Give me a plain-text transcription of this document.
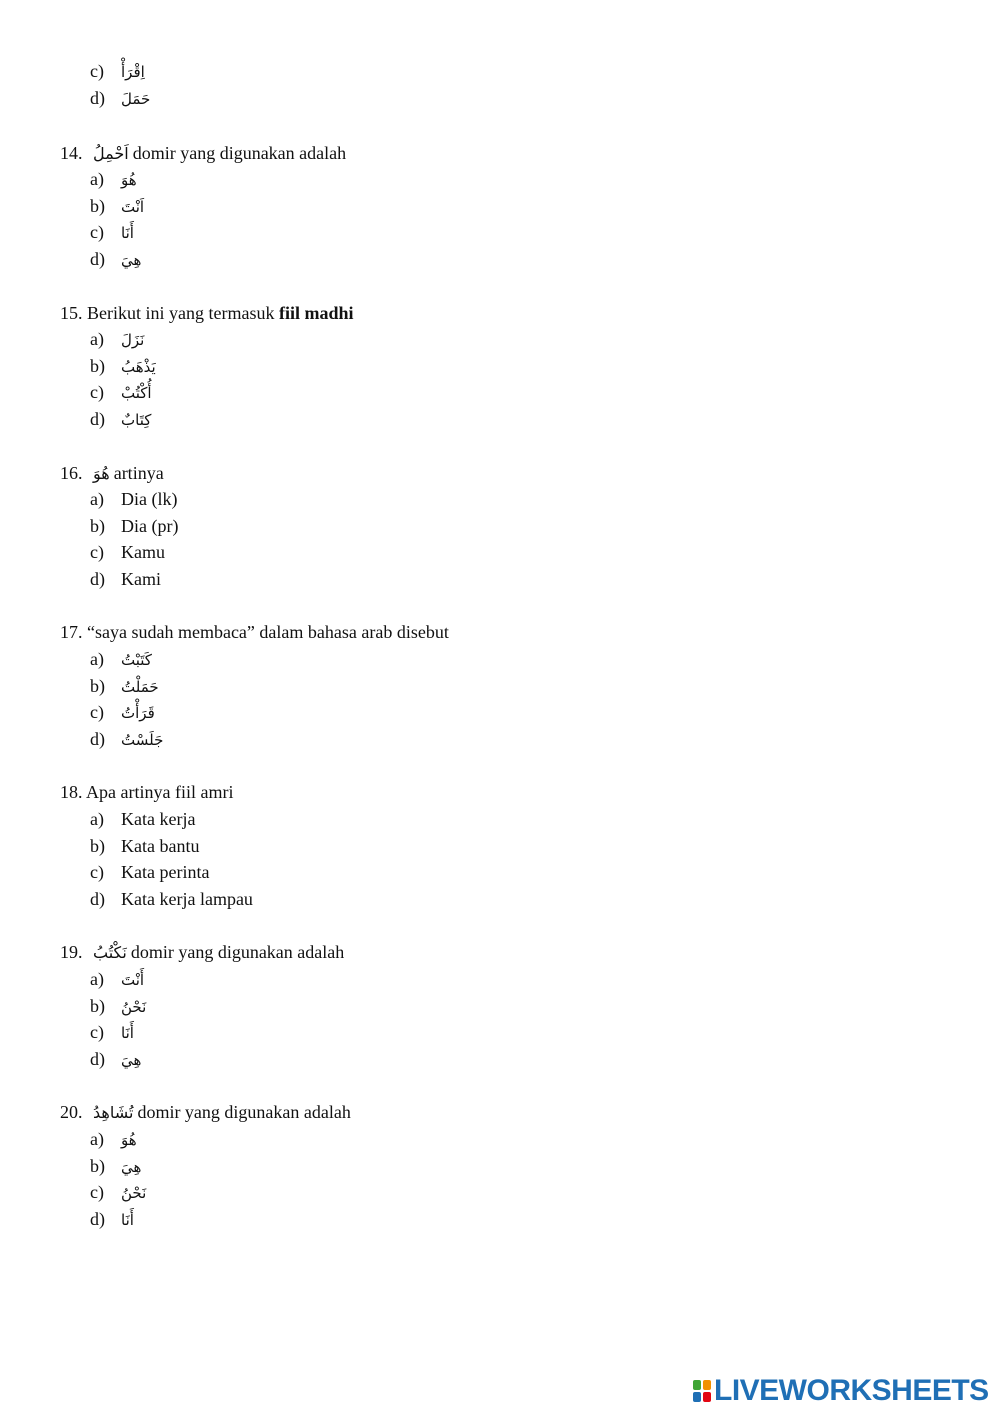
c) اِقْرَأْ
d) حَمَلَ
14. اَحْمِلُ domir yang digunakan adalah
a) هُوَ
b) اَنْتَ
c) أَنَا
d) هِيَ
15. Berikut ini yang termasuk fiil madhi
a) نَزَلَ
b) يَذْهَبُ
c) أُكْتُبْ
d) كِتَابٌ
16. هُوَ artinya
a) Dia (lk)
b) Dia (pr)
c) Kamu
d) Kami
17. “saya sudah membaca” dalam bahasa arab disebut
a) كَتَبْتُ
b) حَمَلْتُ
c) قَرَأْتُ
d) جَلَسْتُ
18. Apa artinya fiil amri
a) Kata kerja
b) Kata bantu
c) Kata perinta
d) Kata kerja lampau
19. نَكْتُبُ domir yang digunakan adalah
a) أَنْتَ
b) نَحْنُ
c) أَنَا
d) هِيَ
20. تُشَاهِدُ domir yang digunakan adalah
a) هُوَ
b) هِيَ
c) نَحْنُ
d) أَنَا
LIVEWORKSHEETS
